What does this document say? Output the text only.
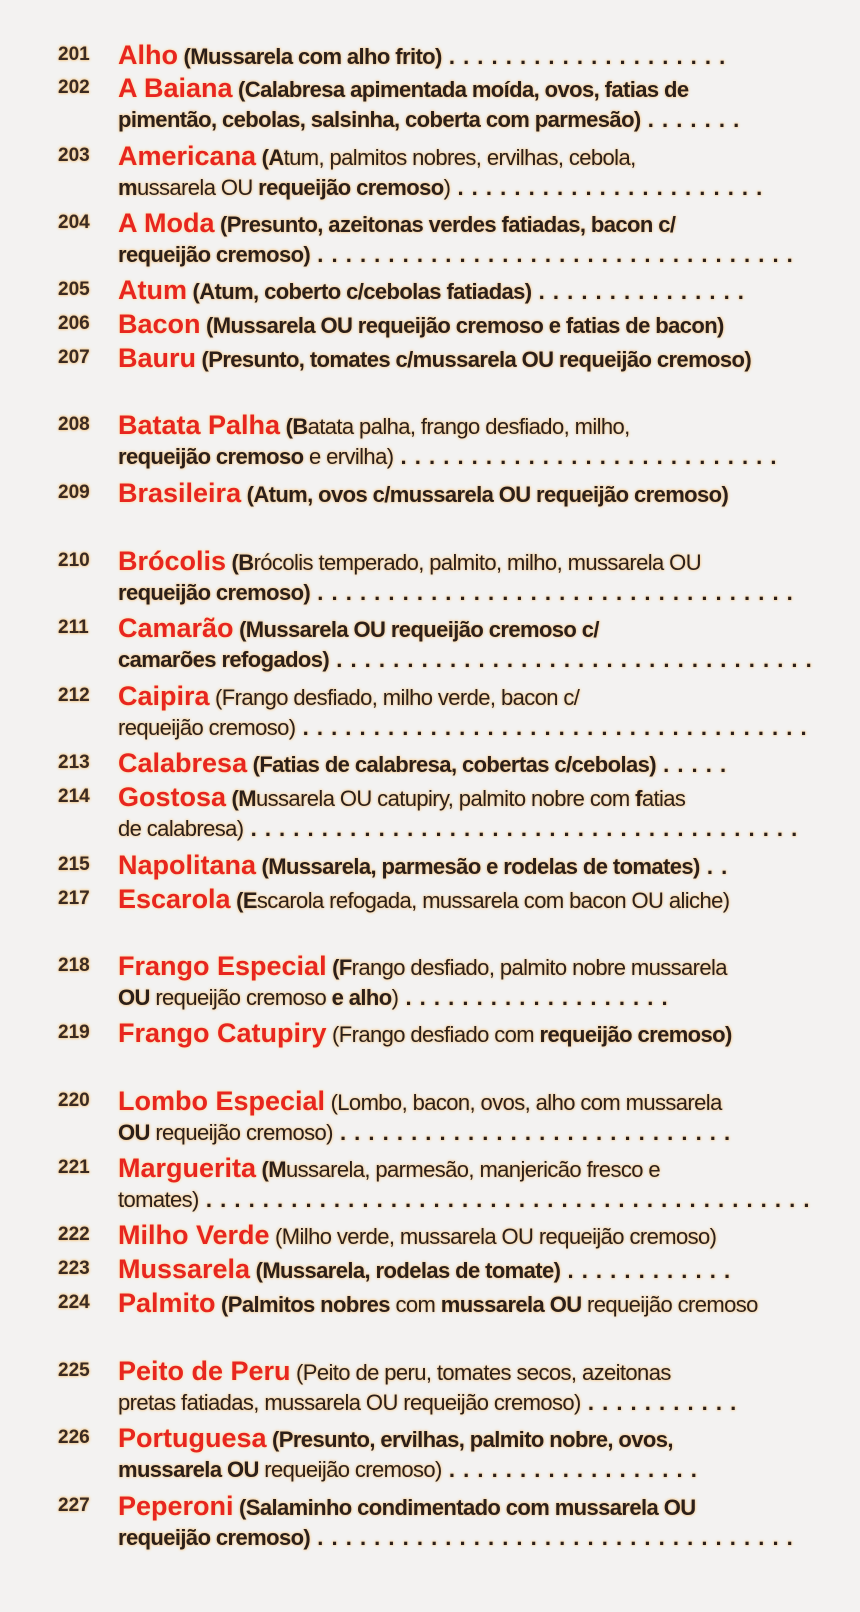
201	Alho (Mussarela com alho frito) . . . . . . . . . . . . . . . . . . . .
202	A Baiana (Calabresa apimentada moída, ovos, fatias de
pimentão, cebolas, salsinha, coberta com parmesão) . . . . . . .
203	Americana (Atum, palmitos nobres, ervilhas, cebola,
mussarela OU requeijão cremoso) . . . . . . . . . . . . . . . . . . . . . .
204	A Moda (Presunto, azeitonas verdes fatiadas, bacon c/
requeijão cremoso) . . . . . . . . . . . . . . . . . . . . . . . . . . . . . . . . . .
205	Atum (Atum, coberto c/cebolas fatiadas) . . . . . . . . . . . . . . .
206	Bacon (Mussarela OU requeijão cremoso e fatias de bacon)
207	Bauru (Presunto, tomates c/mussarela OU requeijão cremoso)
208	Batata Palha (Batata palha, frango desfiado, milho,
requeijão cremoso e ervilha) . . . . . . . . . . . . . . . . . . . . . . . . . . .
209	Brasileira (Atum, ovos c/mussarela OU requeijão cremoso)
210	Brócolis (Brócolis temperado, palmito, milho, mussarela OU
requeijão cremoso) . . . . . . . . . . . . . . . . . . . . . . . . . . . . . . . . . .
211	Camarão (Mussarela OU requeijão cremoso c/
camarões refogados) . . . . . . . . . . . . . . . . . . . . . . . . . . . . . . . . . .
212	Caipira (Frango desfiado, milho verde, bacon c/
requeijão cremoso) . . . . . . . . . . . . . . . . . . . . . . . . . . . . . . . . . . . .
213	Calabresa (Fatias de calabresa, cobertas c/cebolas) . . . . .
214	Gostosa (Mussarela OU catupiry, palmito nobre com fatias
de calabresa) . . . . . . . . . . . . . . . . . . . . . . . . . . . . . . . . . . . . . . .
215	Napolitana (Mussarela, parmesão e rodelas de tomates) . .
217	Escarola (Escarola refogada, mussarela com bacon OU aliche)
218	Frango Especial (Frango desfiado, palmito nobre mussarela
OU requeijão cremoso e alho) . . . . . . . . . . . . . . . . . . .
219	Frango Catupiry (Frango desfiado com requeijão cremoso)
220	Lombo Especial (Lombo, bacon, ovos, alho com mussarela
OU requeijão cremoso) . . . . . . . . . . . . . . . . . . . . . . . . . . . .
221	Marguerita (Mussarela, parmesão, manjericão fresco e
tomates) . . . . . . . . . . . . . . . . . . . . . . . . . . . . . . . . . . . . . . . . . . .
222	Milho Verde (Milho verde, mussarela OU requeijão cremoso)
223	Mussarela (Mussarela, rodelas de tomate) . . . . . . . . . . . .
224	Palmito (Palmitos nobres com mussarela OU requeijão cremoso
225	Peito de Peru (Peito de peru, tomates secos, azeitonas
pretas fatiadas, mussarela OU requeijão cremoso) . . . . . . . . . . .
226	Portuguesa (Presunto, ervilhas, palmito nobre, ovos,
mussarela OU requeijão cremoso) . . . . . . . . . . . . . . . . . .
227	Peperoni (Salaminho condimentado com mussarela OU
requeijão cremoso) . . . . . . . . . . . . . . . . . . . . . . . . . . . . . . . . . .
